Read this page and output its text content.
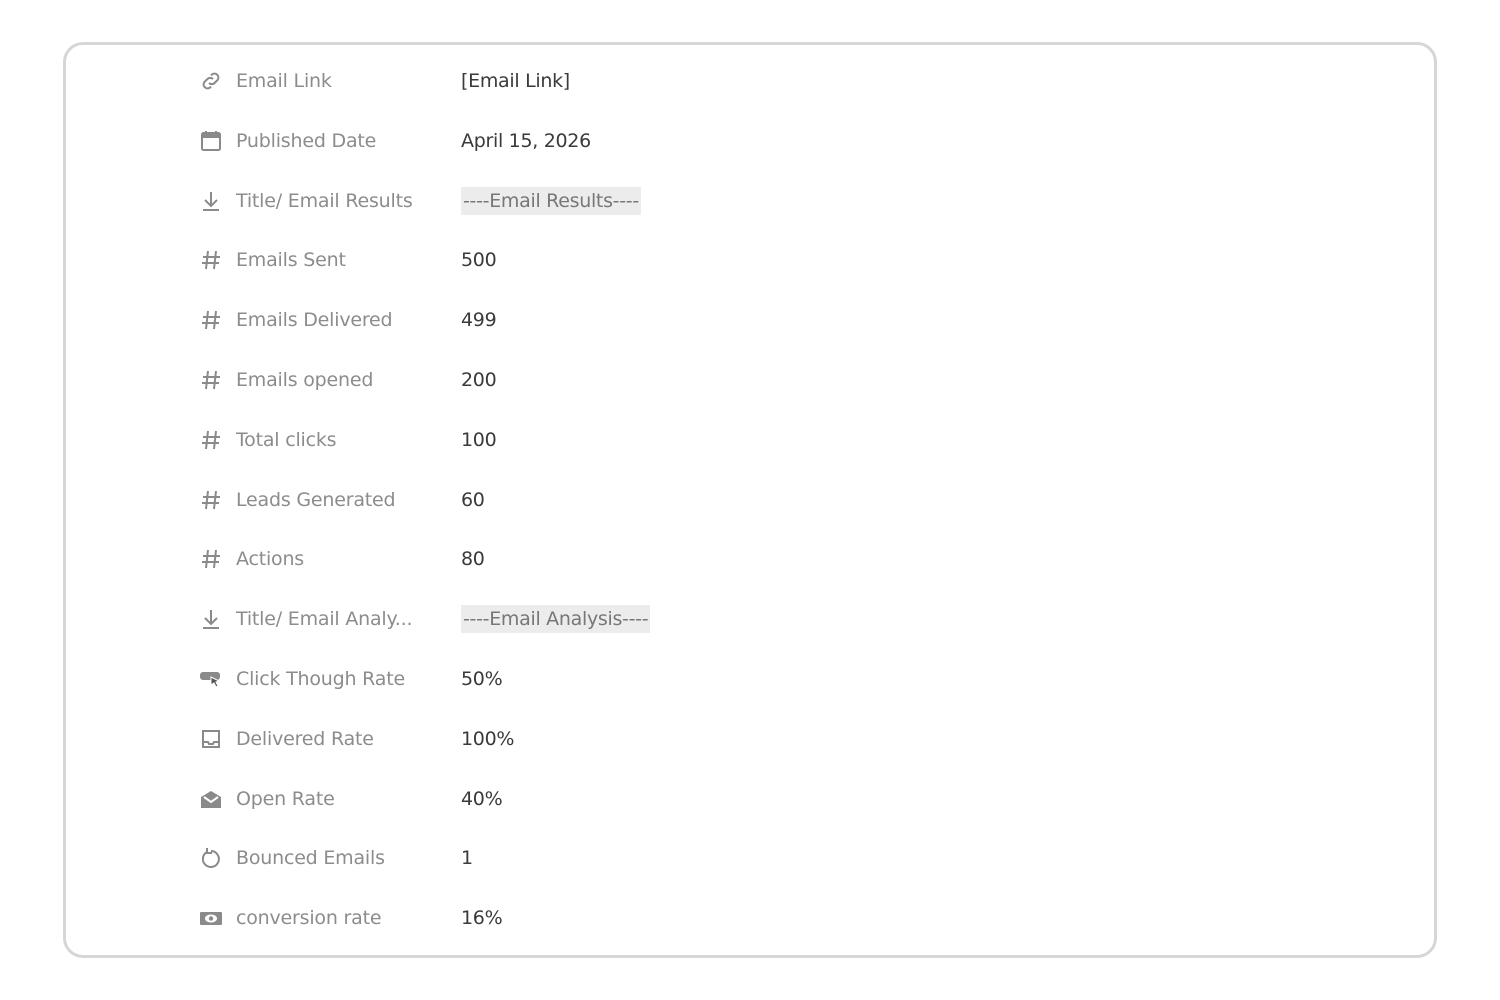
Email Link	[Email Link]
Published Date	April 15, 2026
Title/ Email Results	----Email Results----
Emails Sent	500
Emails Delivered	499
Emails opened	200
Total clicks	100
Leads Generated	60
Actions	80
Title/ Email Analy...	----Email Analysis----
Click Though Rate	50%
Delivered Rate	100%
Open Rate	40%
Bounced Emails	1
conversion rate	16%
